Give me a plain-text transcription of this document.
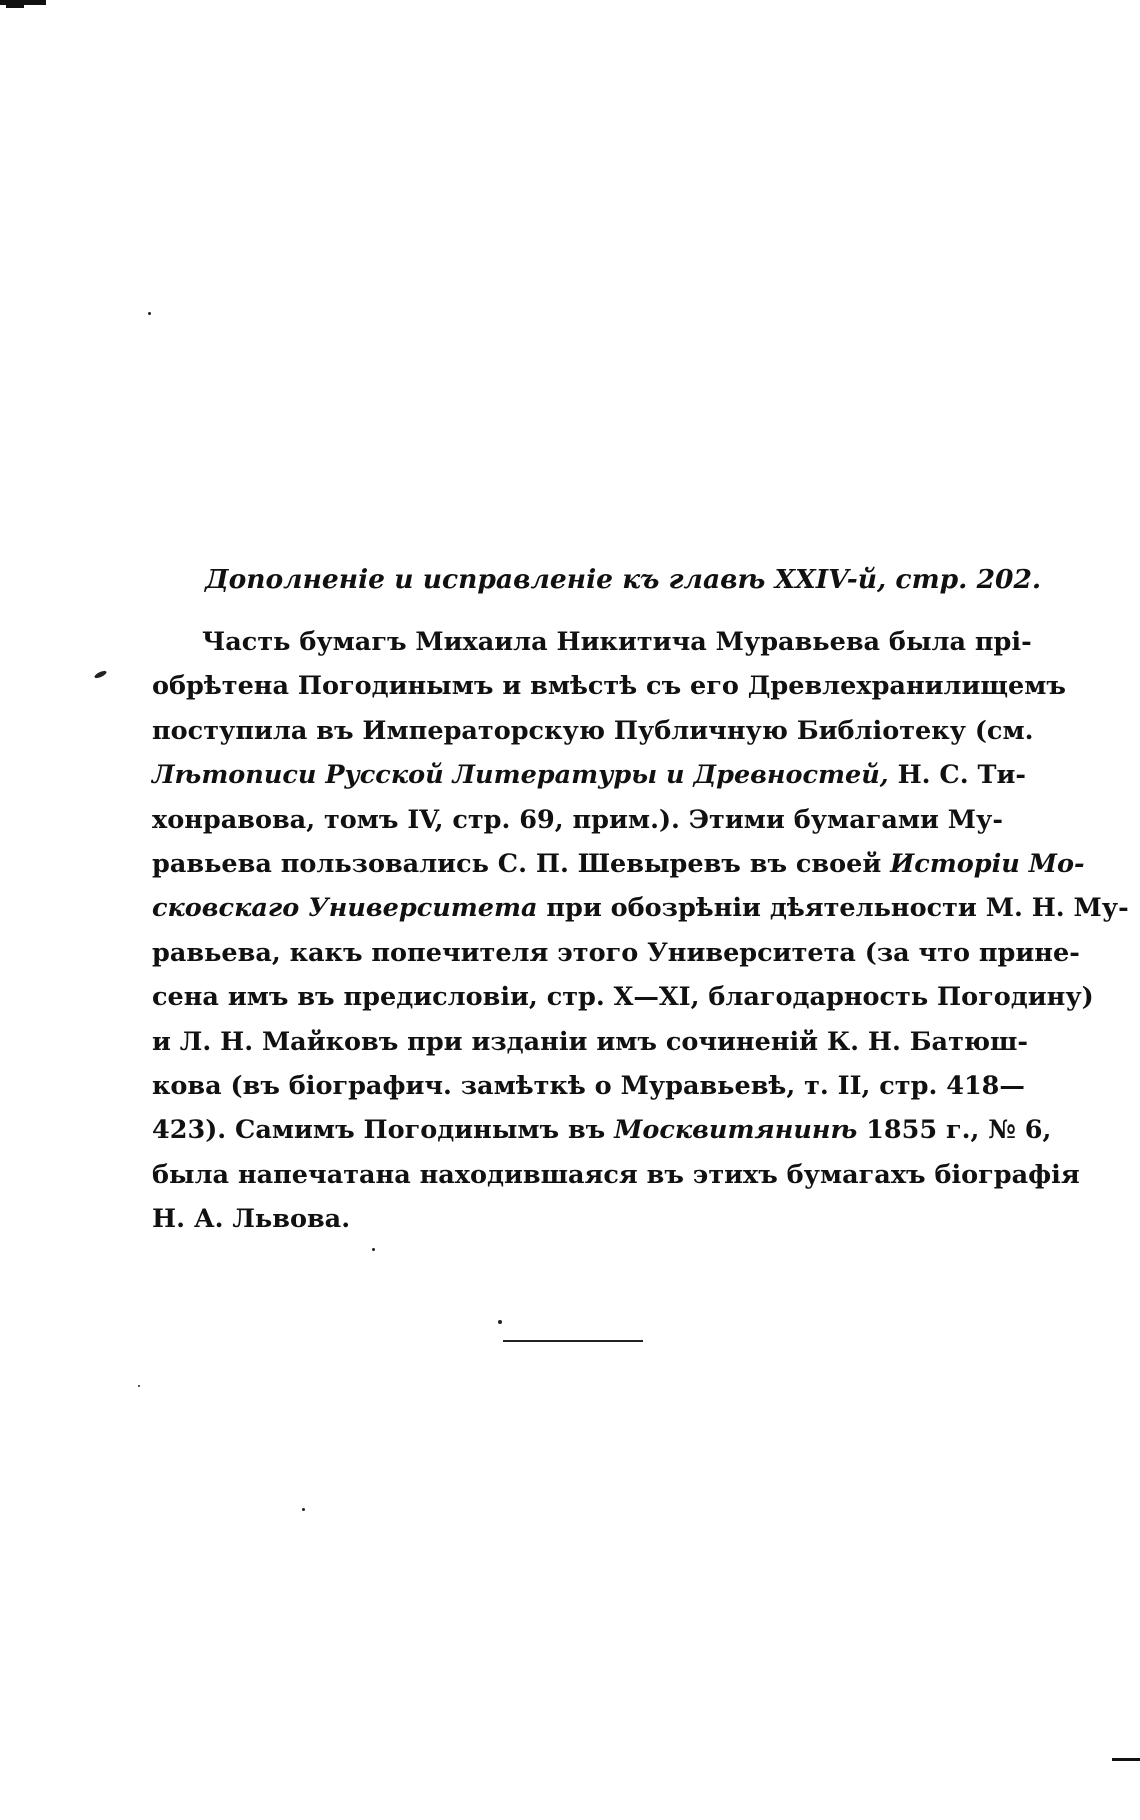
Дополненіе и исправленіе къ главѣ XXIV-й, стр. 202.
Часть бумагъ Михаила Никитича Муравьева была прі-
обрѣтена Погодинымъ и вмѣстѣ съ его Древлехранилищемъ
поступила въ Императорскую Публичную Библіотеку (см.
Лѣтописи Русской Литературы и Древностей, Н. С. Ти-
хонравова, томъ IV, стр. 69, прим.). Этими бумагами Му-
равьева пользовались С. П. Шевыревъ въ своей Исторіи Мо-
сковскаго Университета при обозрѣніи дѣятельности М. Н. Му-
равьева, какъ попечителя этого Университета (за что прине-
сена имъ въ предисловіи, стр. X—XI, благодарность Погодину)
и Л. Н. Майковъ при изданіи имъ сочиненій К. Н. Батюш-
кова (въ біографич. замѣткѣ о Муравьевѣ, т. II, стр. 418—
423). Самимъ Погодинымъ въ Москвитянинѣ 1855 г., № 6,
была напечатана находившаяся въ этихъ бумагахъ біографія
Н. А. Львова.
